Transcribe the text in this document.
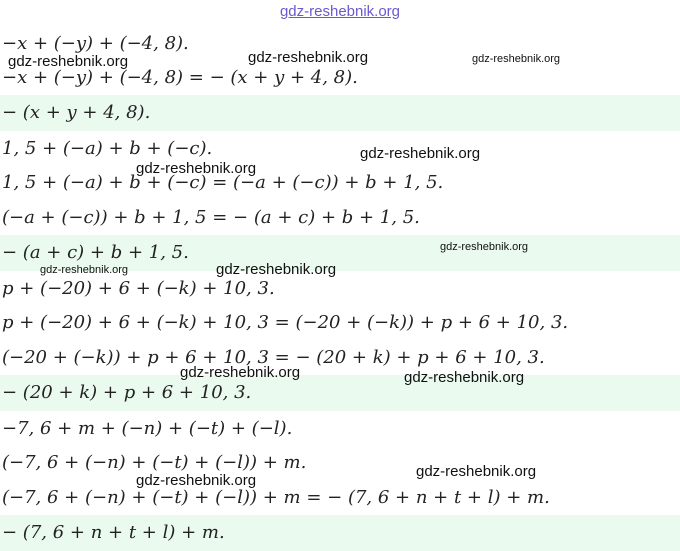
gdz-reshebnik.org
−x + (−y) + (−4, 8).
−x + (−y) + (−4, 8) = − (x + y + 4, 8).
− (x + y + 4, 8).
1, 5 + (−a) + b + (−c).
1, 5 + (−a) + b + (−c) = (−a + (−c)) + b + 1, 5.
(−a + (−c)) + b + 1, 5 = − (a + c) + b + 1, 5.
− (a + c) + b + 1, 5.
p + (−20) + 6 + (−k) + 10, 3.
p + (−20) + 6 + (−k) + 10, 3 = (−20 + (−k)) + p + 6 + 10, 3.
(−20 + (−k)) + p + 6 + 10, 3 = − (20 + k) + p + 6 + 10, 3.
− (20 + k) + p + 6 + 10, 3.
−7, 6 + m + (−n) + (−t) + (−l).
(−7, 6 + (−n) + (−t) + (−l)) + m.
(−7, 6 + (−n) + (−t) + (−l)) + m = − (7, 6 + n + t + l) + m.
− (7, 6 + n + t + l) + m.
gdz-reshebnik.org	gdz-reshebnik.org	gdz-reshebnik.org
gdz-reshebnik.org
gdz-reshebnik.org
gdz-reshebnik.org
gdz-reshebnik.org	gdz-reshebnik.org
gdz-reshebnik.org	gdz-reshebnik.org
gdz-reshebnik.org
gdz-reshebnik.org
